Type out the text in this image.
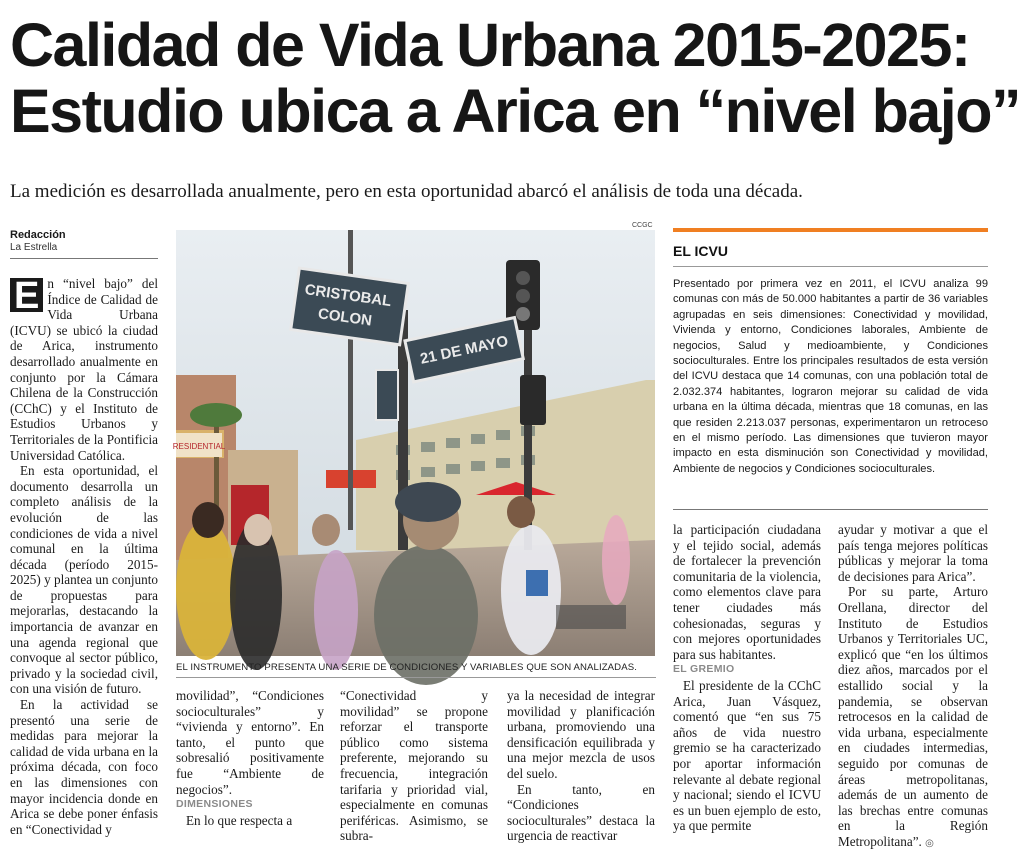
Calidad de Vida Urbana 2015-2025:
Estudio ubica a Arica en “nivel bajo”
La medición es desarrollada anualmente, pero en esta oportunidad abarcó el análisis de toda una década.
Redacción
La Estrella

E n “nivel bajo” del Índice de Calidad de Vida Urbana (ICVU) se ubicó la ciudad de Arica, instrumento desarrollado anualmente en conjunto por la Cámara Chilena de la Construcción (CChC) y el Instituto de Estudios Urbanos y Territoriales de la Pontificia Universidad Católica.

En esta oportunidad, el documento desarrolla un completo análisis de la evolución de las condiciones de vida a nivel comunal en la última década (período 2015-2025) y plantea un conjunto de propuestas para mejorarlas, destacando la importancia de avanzar en una agenda regional que convoque al sector público, privado y la sociedad civil, con una visión de futuro.

En la actividad se presentó una serie de medidas para mejorar la calidad de vida urbana en la próxima década, con foco en las dimensiones con mayor incidencia donde en Arica se debe poner énfasis en “Conectividad y

CCGC
CRISTOBAL
COLON
21 DE MAYO
RESIDENTIAL
EL INSTRUMENTO PRESENTA UNA SERIE DE CONDICIONES Y VARIABLES QUE SON ANALIZADAS.

movilidad”, “Condiciones socioculturales” y “vivienda y entorno”. En tanto, el punto que sobresalió positivamente fue “Ambiente de negocios”.

DIMENSIONES

En lo que respecta a

“Conectividad y movilidad” se propone reforzar el transporte público como sistema preferente, mejorando su frecuencia, integración tarifaria y prioridad vial, especialmente en comunas periféricas. Asimismo, se subra-

ya la necesidad de integrar movilidad y planificación urbana, promoviendo una densificación equilibrada y una mejor mezcla de usos del suelo.

En tanto, en “Condiciones socioculturales” destaca la urgencia de reactivar

EL ICVU

Presentado por primera vez en 2011, el ICVU analiza 99 comunas con más de 50.000 habitantes a partir de 36 variables agrupadas en seis dimensiones: Conectividad y movilidad, Vivienda y entorno, Condiciones laborales, Ambiente de negocios, Salud y medioambiente, y Condiciones socioculturales. Entre los principales resultados de esta versión del ICVU destaca que 14 comunas, con una población total de 2.032.374 habitantes, lograron mejorar su calidad de vida urbana en la última década, mientras que 18 comunas, en las que residen 2.213.037 personas, experimentaron un retroceso en el mismo período. Las dimensiones que tuvieron mayor impacto en esta disminución son Conectividad y movilidad, Ambiente de negocios y Condiciones socioculturales.

la participación ciudadana y el tejido social, además de fortalecer la prevención comunitaria de la violencia, como elementos clave para tener ciudades más cohesionadas, seguras y con mejores oportunidades para sus habitantes.

EL GREMIO

El presidente de la CChC Arica, Juan Vásquez, comentó que “en sus 75 años de vida nuestro gremio se ha caracterizado por aportar información relevante al debate regional y nacional; siendo el ICVU es un buen ejemplo de esto, ya que permite

ayudar y motivar a que el país tenga mejores políticas públicas y mejorar la toma de decisiones para Arica”.

Por su parte, Arturo Orellana, director del Instituto de Estudios Urbanos y Territoriales UC, explicó que “en los últimos diez años, marcados por el estallido social y la pandemia, se observan retrocesos en la calidad de vida urbana, especialmente en ciudades intermedias, seguido por comunas de áreas metropolitanas, además de un aumento de las brechas entre comunas en la Región Metropolitana”. ◎
